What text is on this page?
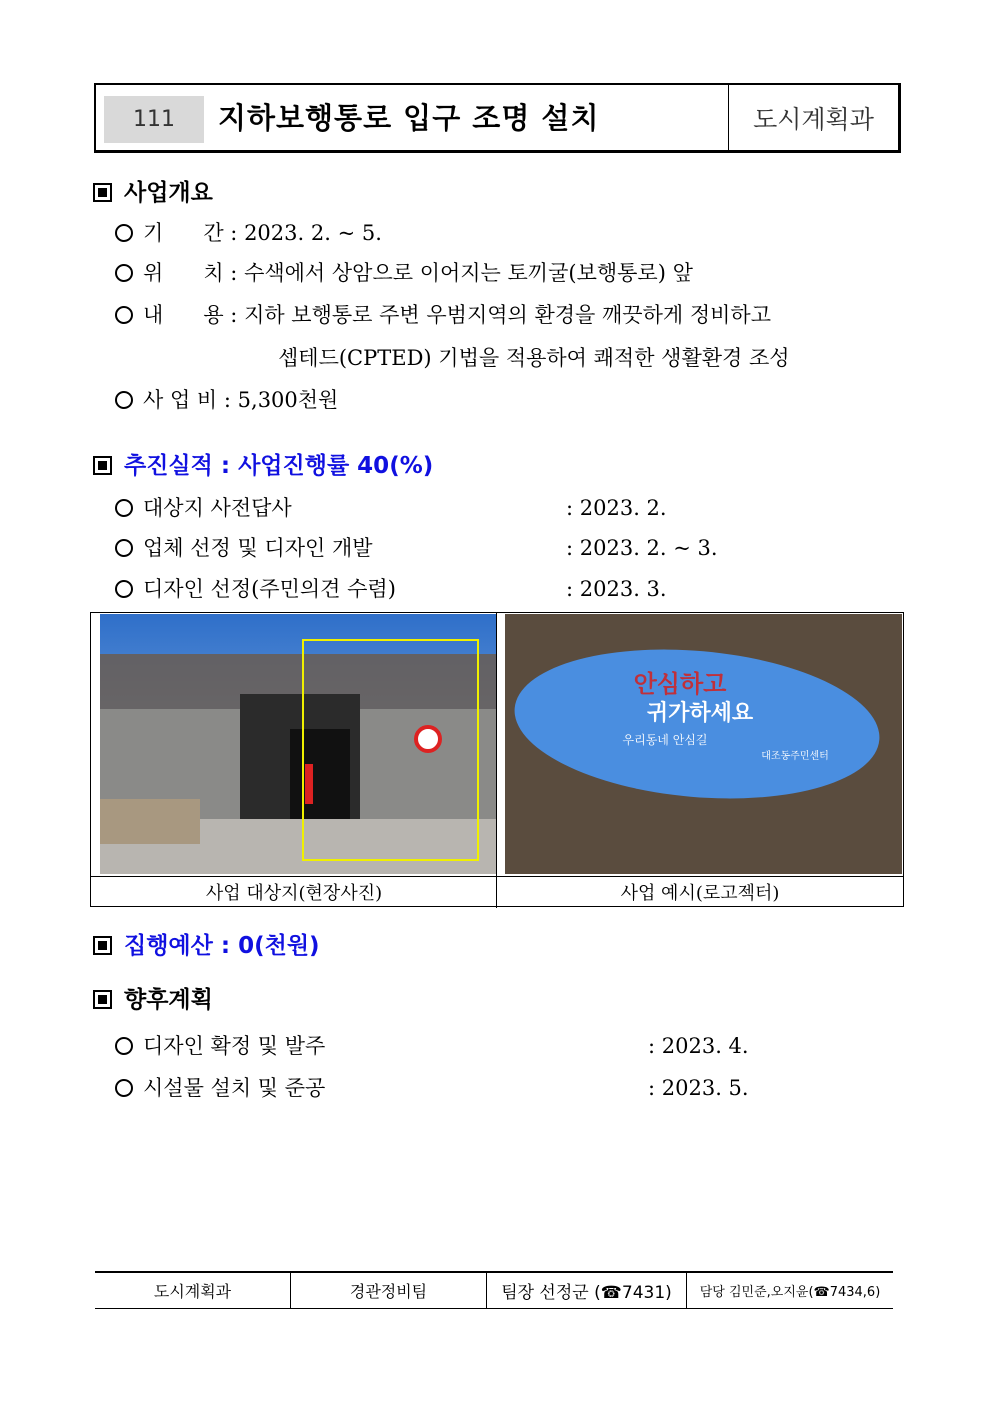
111	지하보행통로 입구 조명 설치	도시계획과
사업개요
기      간 : 2023. 2. ~ 5.
위      치 : 수색에서 상암으로 이어지는 토끼굴(보행통로) 앞
내      용 : 지하 보행통로 주변 우범지역의 환경을 깨끗하게 정비하고
셉테드(CPTED) 기법을 적용하여 쾌적한 생활환경 조성
사 업 비 : 5,300천원
추진실적 : 사업진행률 40(%)
대상지 사전답사	: 2023. 2.
업체 선정 및 디자인 개발	: 2023. 2. ~ 3.
디자인 선정(주민의견 수렴)	: 2023. 3.
사업 대상지(현장사진)
안심하고
귀가하세요
우리동네 안심길
대조동주민센터
사업 예시(로고젝터)
집행예산 : 0(천원)
향후계획
디자인 확정 및 발주	: 2023. 4.
시설물 설치 및 준공	: 2023. 5.
도시계획과	경관정비팀	팀장 선정군 (☎7431)	담당 김민준,오지윤(☎7434,6)
